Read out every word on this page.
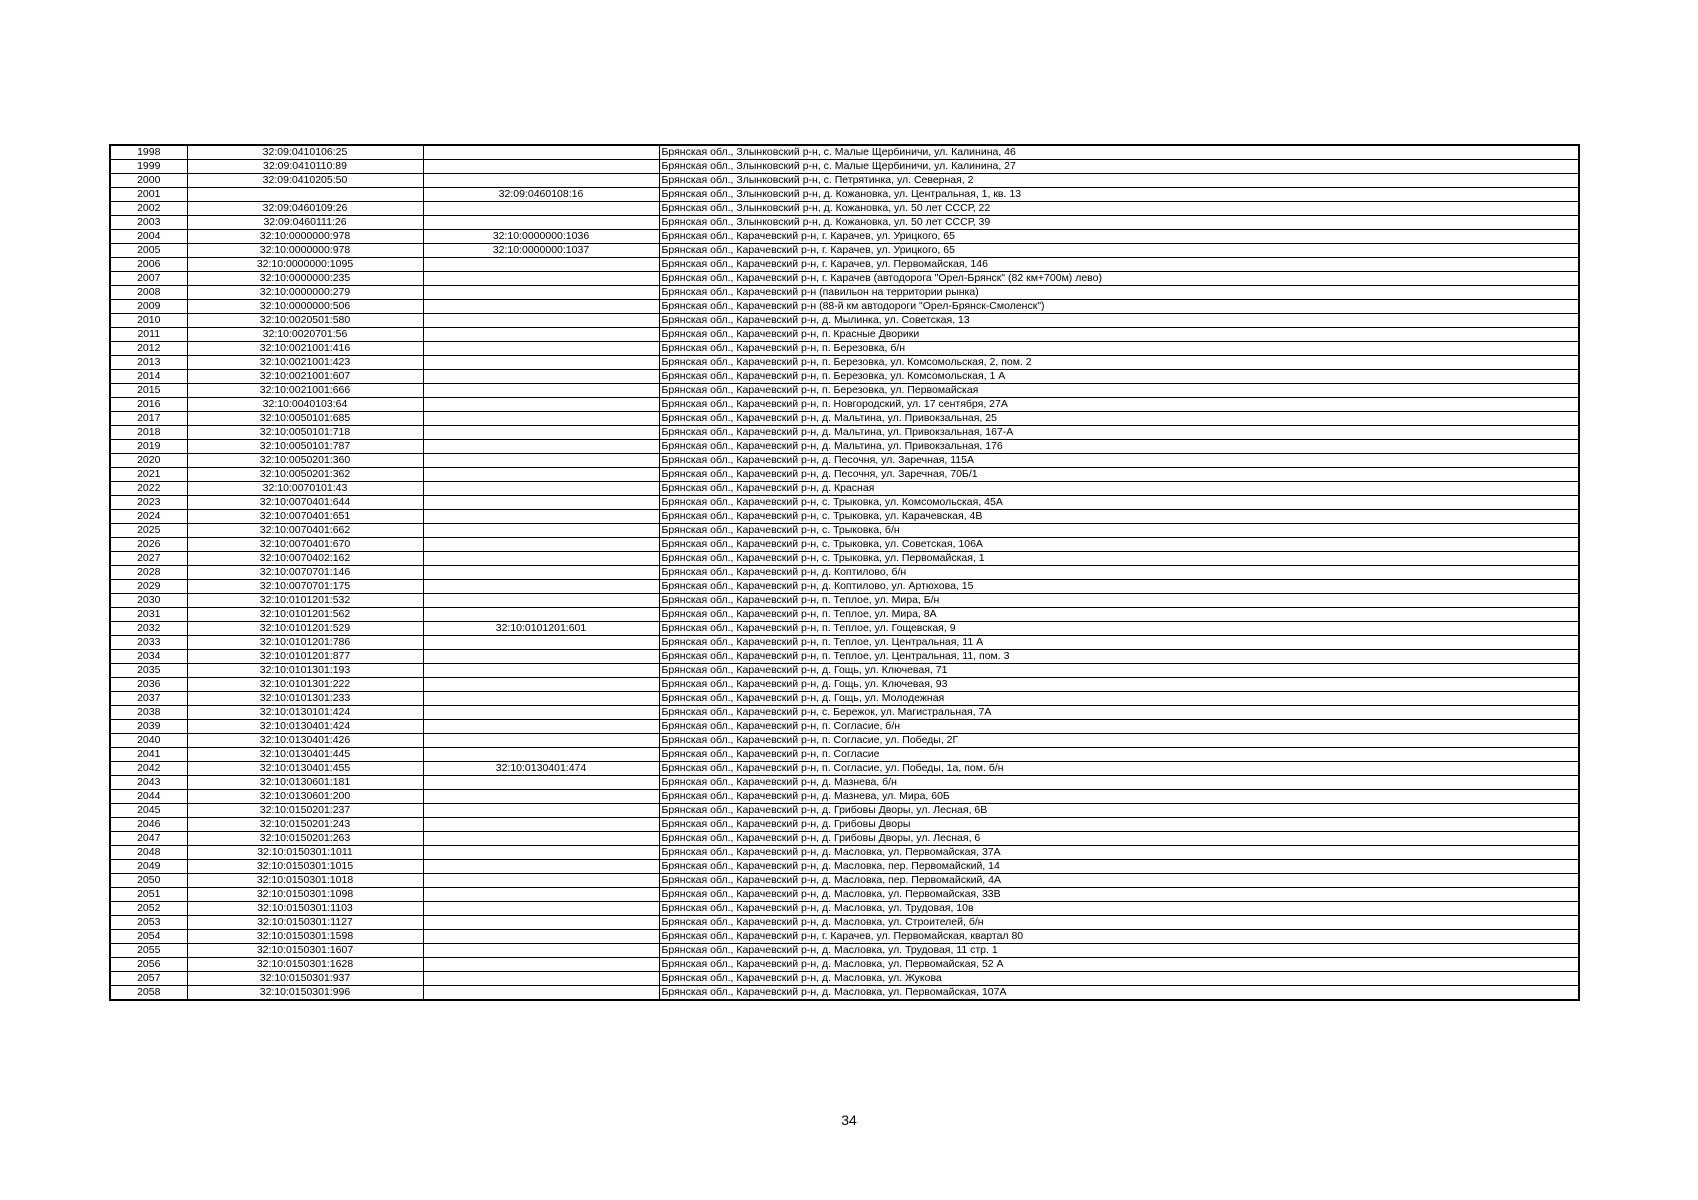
1998	32:09:0410106:25		Брянская обл., Злынковский р-н, с. Малые Щербиничи, ул. Калинина, 46
1999	32:09:0410110:89		Брянская обл., Злынковский р-н, с. Малые Щербиничи, ул. Калинина, 27
2000	32:09:0410205:50		Брянская обл., Злынковский р-н, с. Петрятинка, ул. Северная, 2
2001		32:09:0460108:16	Брянская обл., Злынковский р-н, д. Кожановка, ул. Центральная, 1, кв. 13
2002	32:09:0460109:26		Брянская обл., Злынковский р-н, д. Кожановка, ул. 50 лет СССР, 22
2003	32:09:0460111:26		Брянская обл., Злынковский р-н, д. Кожановка, ул. 50 лет СССР, 39
2004	32:10:0000000:978	32:10:0000000:1036	Брянская обл., Карачевский р-н, г. Карачев, ул. Урицкого, 65
2005	32:10:0000000:978	32:10:0000000:1037	Брянская обл., Карачевский р-н, г. Карачев, ул. Урицкого, 65
2006	32:10:0000000:1095		Брянская обл., Карачевский р-н, г. Карачев, ул. Первомайская, 146
2007	32:10:0000000:235		Брянская обл., Карачевский р-н, г. Карачев (автодорога "Орел-Брянск" (82 км+700м) лево)
2008	32:10:0000000:279		Брянская обл., Карачевский р-н (павильон на территории рынка)
2009	32:10:0000000:506		Брянская обл., Карачевский р-н (88-й км автодороги "Орел-Брянск-Смоленск")
2010	32:10:0020501:580		Брянская обл., Карачевский р-н, д. Мылинка, ул. Советская, 13
2011	32:10:0020701:56		Брянская обл., Карачевский р-н, п. Красные Дворики
2012	32:10:0021001:416		Брянская обл., Карачевский р-н, п. Березовка, б/н
2013	32:10:0021001:423		Брянская обл., Карачевский р-н, п. Березовка, ул. Комсомольская, 2, пом. 2
2014	32:10:0021001:607		Брянская обл., Карачевский р-н, п. Березовка, ул. Комсомольская, 1 А
2015	32:10:0021001:666		Брянская обл., Карачевский р-н, п. Березовка, ул. Первомайская
2016	32:10:0040103:64		Брянская обл., Карачевский р-н, п. Новгородский, ул. 17 сентября, 27А
2017	32:10:0050101:685		Брянская обл., Карачевский р-н, д. Мальтина, ул. Привокзальная, 25
2018	32:10:0050101:718		Брянская обл., Карачевский р-н, д. Мальтина, ул. Привокзальная, 167-А
2019	32:10:0050101:787		Брянская обл., Карачевский р-н, д. Мальтина, ул. Привокзальная, 176
2020	32:10:0050201:360		Брянская обл., Карачевский р-н, д. Песочня, ул. Заречная, 115А
2021	32:10:0050201:362		Брянская обл., Карачевский р-н, д. Песочня, ул. Заречная, 70Б/1
2022	32:10:0070101:43		Брянская обл., Карачевский р-н, д. Красная
2023	32:10:0070401:644		Брянская обл., Карачевский р-н, с. Трыковка, ул. Комсомольская, 45А
2024	32:10:0070401:651		Брянская обл., Карачевский р-н, с. Трыковка, ул. Карачевская, 4В
2025	32:10:0070401:662		Брянская обл., Карачевский р-н, с. Трыковка, б/н
2026	32:10:0070401:670		Брянская обл., Карачевский р-н, с. Трыковка, ул. Советская, 106А
2027	32:10:0070402:162		Брянская обл., Карачевский р-н, с. Трыковка, ул. Первомайская, 1
2028	32:10:0070701:146		Брянская обл., Карачевский р-н, д. Коптилово, б/н
2029	32:10:0070701:175		Брянская обл., Карачевский р-н, д. Коптилово, ул. Артюхова, 15
2030	32:10:0101201:532		Брянская обл., Карачевский р-н, п. Теплое, ул. Мира, Б/н
2031	32:10:0101201:562		Брянская обл., Карачевский р-н, п. Теплое, ул. Мира, 8А
2032	32:10:0101201:529	32:10:0101201:601	Брянская обл., Карачевский р-н, п. Теплое, ул. Гощевская, 9
2033	32:10:0101201:786		Брянская обл., Карачевский р-н, п. Теплое, ул. Центральная, 11 А
2034	32:10:0101201:877		Брянская обл., Карачевский р-н, п. Теплое, ул. Центральная, 11, пом. 3
2035	32:10:0101301:193		Брянская обл., Карачевский р-н, д. Гощь, ул. Ключевая, 71
2036	32:10:0101301:222		Брянская обл., Карачевский р-н, д. Гощь, ул. Ключевая, 93
2037	32:10:0101301:233		Брянская обл., Карачевский р-н, д. Гощь, ул. Молодежная
2038	32:10:0130101:424		Брянская обл., Карачевский р-н, с. Бережок, ул. Магистральная, 7А
2039	32:10:0130401:424		Брянская обл., Карачевский р-н, п. Согласие, б/н
2040	32:10:0130401:426		Брянская обл., Карачевский р-н, п. Согласие, ул. Победы, 2Г
2041	32:10:0130401:445		Брянская обл., Карачевский р-н, п. Согласие
2042	32:10:0130401:455	32:10:0130401:474	Брянская обл., Карачевский р-н, п. Согласие, ул. Победы, 1а, пом. б/н
2043	32:10:0130601:181		Брянская обл., Карачевский р-н, д. Мазнева, б/н
2044	32:10:0130601:200		Брянская обл., Карачевский р-н, д. Мазнева, ул. Мира, 60Б
2045	32:10:0150201:237		Брянская обл., Карачевский р-н, д. Грибовы Дворы, ул. Лесная, 6В
2046	32:10:0150201:243		Брянская обл., Карачевский р-н, д. Грибовы Дворы
2047	32:10:0150201:263		Брянская обл., Карачевский р-н, д. Грибовы Дворы, ул. Лесная, 6
2048	32:10:0150301:1011		Брянская обл., Карачевский р-н, д. Масловка, ул. Первомайская, 37А
2049	32:10:0150301:1015		Брянская обл., Карачевский р-н, д. Масловка, пер. Первомайский, 14
2050	32:10:0150301:1018		Брянская обл., Карачевский р-н, д. Масловка, пер. Первомайский, 4А
2051	32:10:0150301:1098		Брянская обл., Карачевский р-н, д. Масловка, ул. Первомайская, 33В
2052	32:10:0150301:1103		Брянская обл., Карачевский р-н, д. Масловка, ул. Трудовая, 10в
2053	32:10:0150301:1127		Брянская обл., Карачевский р-н, д. Масловка, ул. Строителей, б/н
2054	32:10:0150301:1598		Брянская обл., Карачевский р-н, г. Карачев, ул. Первомайская, квартал 80
2055	32:10:0150301:1607		Брянская обл., Карачевский р-н, д. Масловка, ул. Трудовая, 11 стр. 1
2056	32:10:0150301:1628		Брянская обл., Карачевский р-н, д. Масловка, ул. Первомайская, 52 А
2057	32:10:0150301:937		Брянская обл., Карачевский р-н, д. Масловка, ул. Жукова
2058	32:10:0150301:996		Брянская обл., Карачевский р-н, д. Масловка, ул. Первомайская, 107А
34
